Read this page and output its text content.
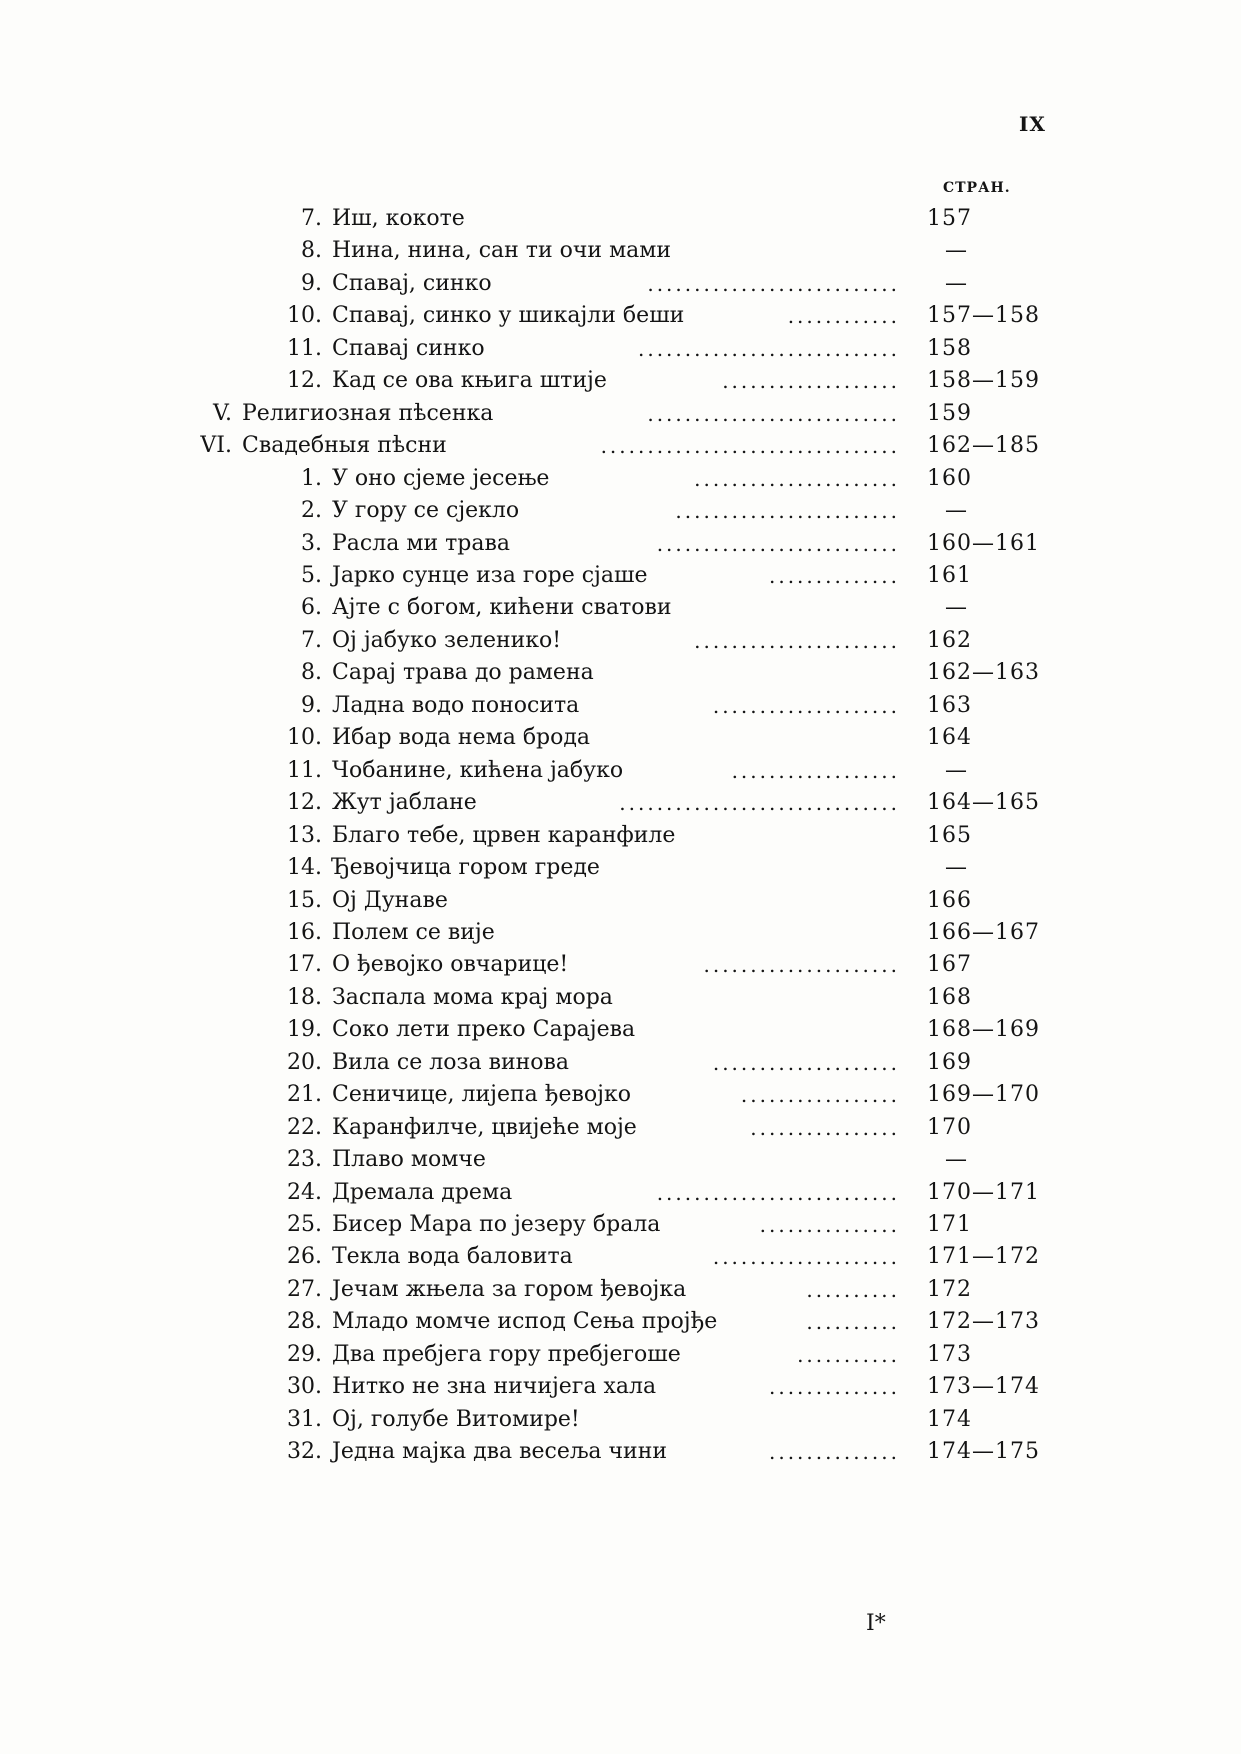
IX
СТРАН.
7. Иш, кокоте	157
8. Нина, нина, сан ти очи мами	—
9. Спавај, синко	...........................	—
10. Спавај, синко у шикајли беши	............ 157—158
11. Спавај синко	............................ 158
12. Кад се ова књига штије	................... 158—159
V. Религиозная пѣсенка	........................... 159
VI. Свадебныя пѣсни	................................ 162—185
1. У оно сјеме јесење	...................... 160
2. У гору се сјекло	........................	—
3. Расла ми трава	.......................... 160—161
5. Јарко сунце иза горе сјаше	.............. 161
6. Ајте с богом, кићени сватови	—
7. Ој јабуко зеленико!	...................... 162
8. Сарај трава до рамена	162—163
9. Ладна водо поносита	.................... 163
10. Ибар вода нема брода	164
11. Чобанине, кићена јабуко	..................	—
12. Жут јаблане	.............................. 164—165
13. Благо тебе, црвен каранфиле	165
14. Ђевојчица гором греде	—
15. Ој Дунаве	166
16. Полем се вије	166—167
17. О ђевојко овчарице!	..................... 167
18. Заспала мома крај мора	168
19. Соко лети преко Сарајева	168—169
20. Вила се лоза винова	.................... 169
21. Сеничице, лијепа ђевојко	................. 169—170
22. Каранфилче, цвијеће моје	................ 170
23. Плаво момче	—
24. Дремала дрема	.......................... 170—171
25. Бисер Мара по језеру брала	............... 171
26. Текла вода баловита	.................... 171—172
27. Јечам жњела за гором ђевојка	.......... 172
28. Младо момче испод Сења пројђе	.......... 172—173
29. Два пребјега гору пребјегоше	........... 173
30. Нитко не зна ничијега хала	.............. 173—174
31. Ој, голубе Витомире!	174
32. Једна мајка два весеља чини	.............. 174—175
I*
